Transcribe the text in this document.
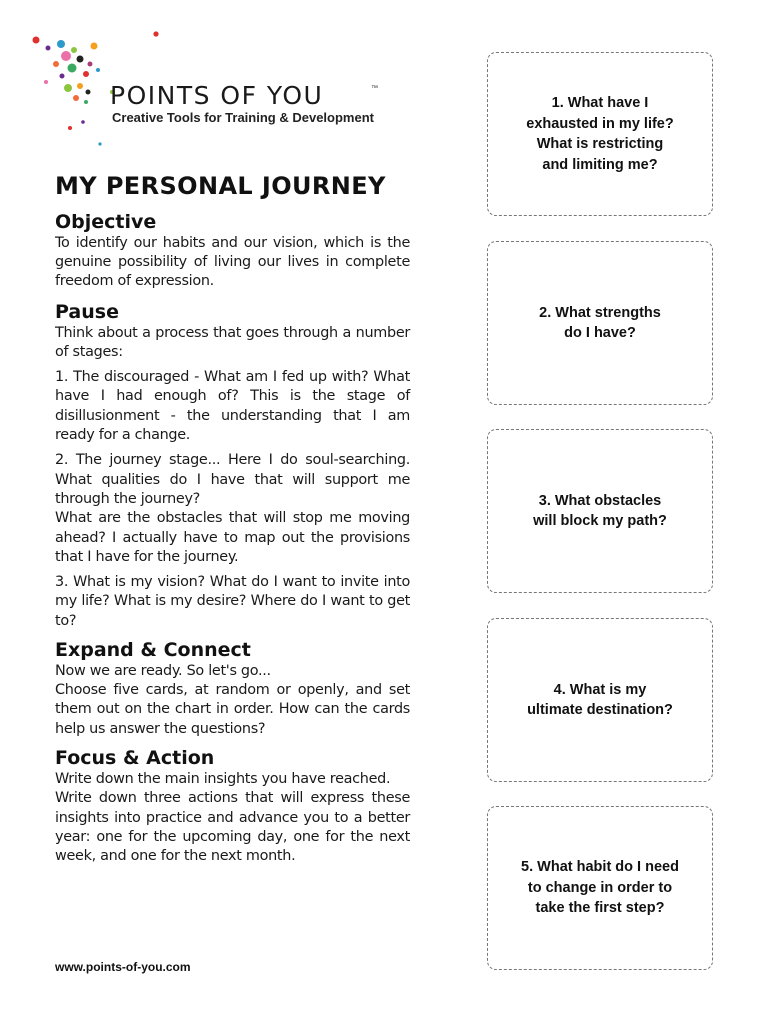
POINTS OF YOU	™
Creative Tools for Training & Development
MY PERSONAL JOURNEY
Objective

To identify our habits and our vision, which is the genuine possibility of living our lives in complete freedom of expression.

Pause

Think about a process that goes through a number of stages:

1. The discouraged - What am I fed up with? What have I had enough of? This is the stage of disillusionment - the understanding that I am ready for a change.

2. The journey stage... Here I do soul-searching. What qualities do I have that will support me through the journey?

What are the obstacles that will stop me moving ahead? I actually have to map out the provisions that I have for the journey.

3. What is my vision? What do I want to invite into my life? What is my desire? Where do I want to get to?

Expand & Connect

Now we are ready. So let's go...

Choose five cards, at random or openly, and set them out on the chart in order. How can the cards help us answer the questions?

Focus & Action

Write down the main insights you have reached.

Write down three actions that will express these insights into practice and advance you to a better year: one for the upcoming day, one for the next week, and one for the next month.

www.points-of-you.com
1. What have I
exhausted in my life?
What is restricting
and limiting me?
2. What strengths
do I have?
3. What obstacles
will block my path?
4. What is my
ultimate destination?
5. What habit do I need
to change in order to
take the first step?
